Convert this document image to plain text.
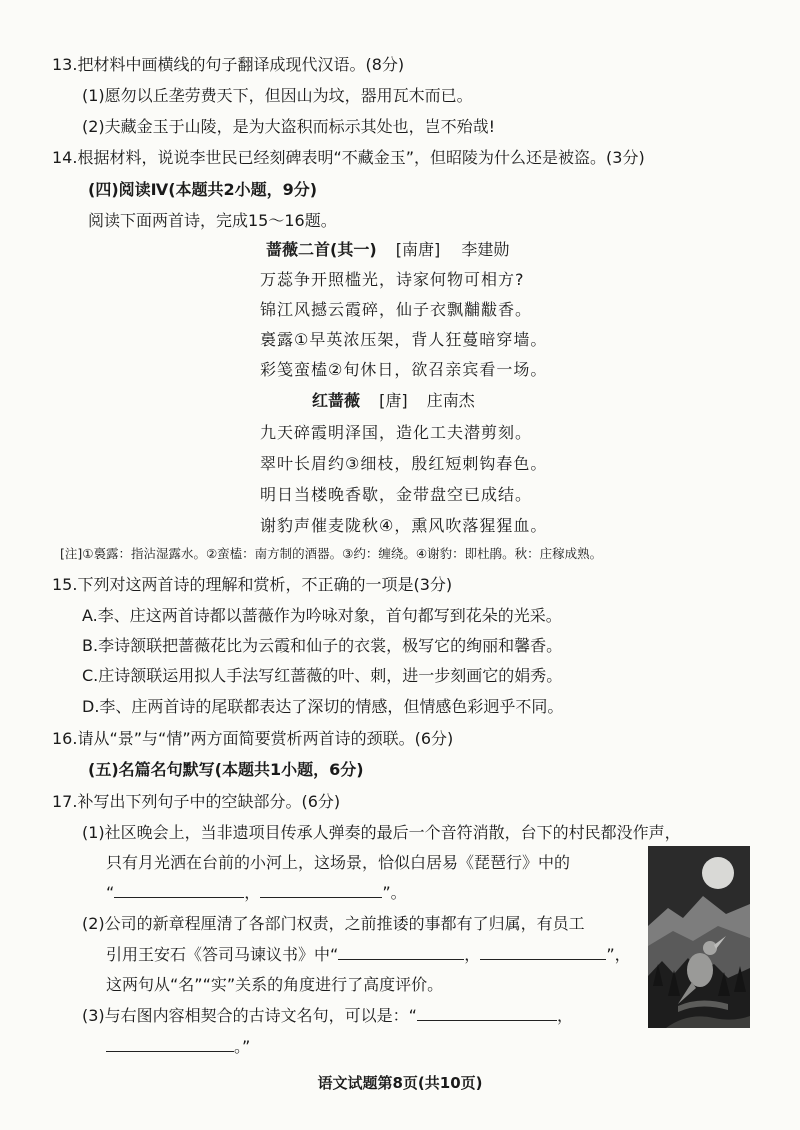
13.把材料中画横线的句子翻译成现代汉语。(8分)
(1)愿勿以丘垄劳费天下，但因山为坟，器用瓦木而已。
(2)夫藏金玉于山陵，是为大盗积而标示其处也，岂不殆哉!
14.根据材料，说说李世民已经刻碑表明“不藏金玉”，但昭陵为什么还是被盗。(3分)
(四)阅读Ⅳ(本题共2小题，9分)
阅读下面两首诗，完成15～16题。
蔷薇二首(其一) [南唐] 李建勋
万蕊争开照槛光，诗家何物可相方?
锦江风撼云霞碎，仙子衣飘黼黻香。
裛露①早英浓压架，背人狂蔓暗穿墙。
彩笺蛮榼②旬休日，欲召亲宾看一场。
红蔷薇 [唐] 庄南杰
九天碎霞明泽国，造化工夫潜剪刻。
翠叶长眉约③细枝，殷红短刺钩春色。
明日当楼晚香歇，金带盘空已成结。
谢豹声催麦陇秋④，熏风吹落猩猩血。
[注]①裛露：指沾湿露水。②蛮榼：南方制的酒器。③约：缠绕。④谢豹：即杜鹃。秋：庄稼成熟。
15.下列对这两首诗的理解和赏析，不正确的一项是(3分)
A.李、庄这两首诗都以蔷薇作为吟咏对象，首句都写到花朵的光采。
B.李诗颔联把蔷薇花比为云霞和仙子的衣裳，极写它的绚丽和馨香。
C.庄诗颔联运用拟人手法写红蔷薇的叶、刺，进一步刻画它的娟秀。
D.李、庄两首诗的尾联都表达了深切的情感，但情感色彩迥乎不同。
16.请从“景”与“情”两方面简要赏析两首诗的颈联。(6分)
(五)名篇名句默写(本题共1小题，6分)
17.补写出下列句子中的空缺部分。(6分)
(1)社区晚会上，当非遗项目传承人弹奏的最后一个音符消散，台下的村民都没作声，
只有月光洒在台前的小河上，这场景，恰似白居易《琵琶行》中的
“	，	”。
(2)公司的新章程厘清了各部门权责，之前推诿的事都有了归属，有员工
引用王安石《答司马谏议书》中“	，	”，
这两句从“名”“实”关系的角度进行了高度评价。
(3)与右图内容相契合的古诗文名句，可以是：“	，
。”
语文试题第8页(共10页)
